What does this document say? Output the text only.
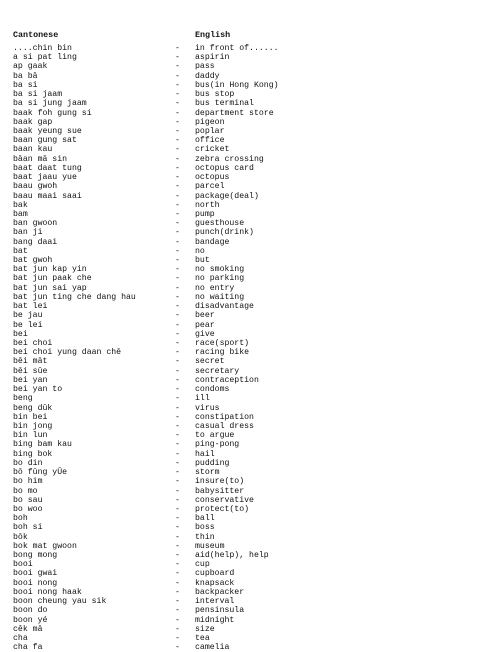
Cantonese	English
....chin bin	-	in front of......
a si pat ling	-	aspirin
ap gaak	-	pass
ba bā	-	daddy
ba si	-	bus(in Hong Kong)
ba si jaam	-	bus stop
ba si jung jaam	-	bus terminal
baak foh gung si	-	department store
baak gap	-	pigeon
baak yeung sue	-	poplar
baan gung sat	-	office
baan kau	-	cricket
bāan mā sin	-	zebra crossing
baat daat tung	-	octopus card
baat jaau yue	-	octopus
baau gwoh	-	parcel
baau maai saai	-	package(deal)
bak	-	north
bam	-	pump
ban gwoon	-	guesthouse
ban ji	-	punch(drink)
bang daai	-	bandage
bat	-	no
bat gwoh	-	but
bat jun kap yin	-	no smoking
bat jun paak che	-	no parking
bat jun sai yap	-	no entry
bat jun ting che dang hau	-	no waiting
bat lei	-	disadvantage
be jau	-	beer
be lei	-	pear
bei	-	give
bei choi	-	race(sport)
bei choi yung daan chē	-	racing bike
bēi māt	-	secret
bēi sūe	-	secretary
bei yan	-	contraception
bei yan to	-	condoms
beng	-	ill
beng dūk	-	virus
bin bei	-	constipation
bin jong	-	casual dress
bin lun	-	to argue
bing bam kau	-	ping-pong
bing bok	-	hail
bo din	-	pudding
bō fūng yŪe	-	storm
bo him	-	insure(to)
bo mo	-	babysitter
bo sau	-	conservative
bo woo	-	protect(to)
boh	-	ball
boh si	-	boss
bōk	-	thin
bok mat gwoon	-	museum
bong mong	-	aid(help), help
booi	-	cup
booi gwai	-	cupboard
booi nong	-	knapsack
booi nong haak	-	backpacker
boon cheung yau sik	-	interval
boon do	-	pensinsula
boon yé	-	midnight
cēk mā	-	size
cha	-	tea
cha fa	-	camelia
